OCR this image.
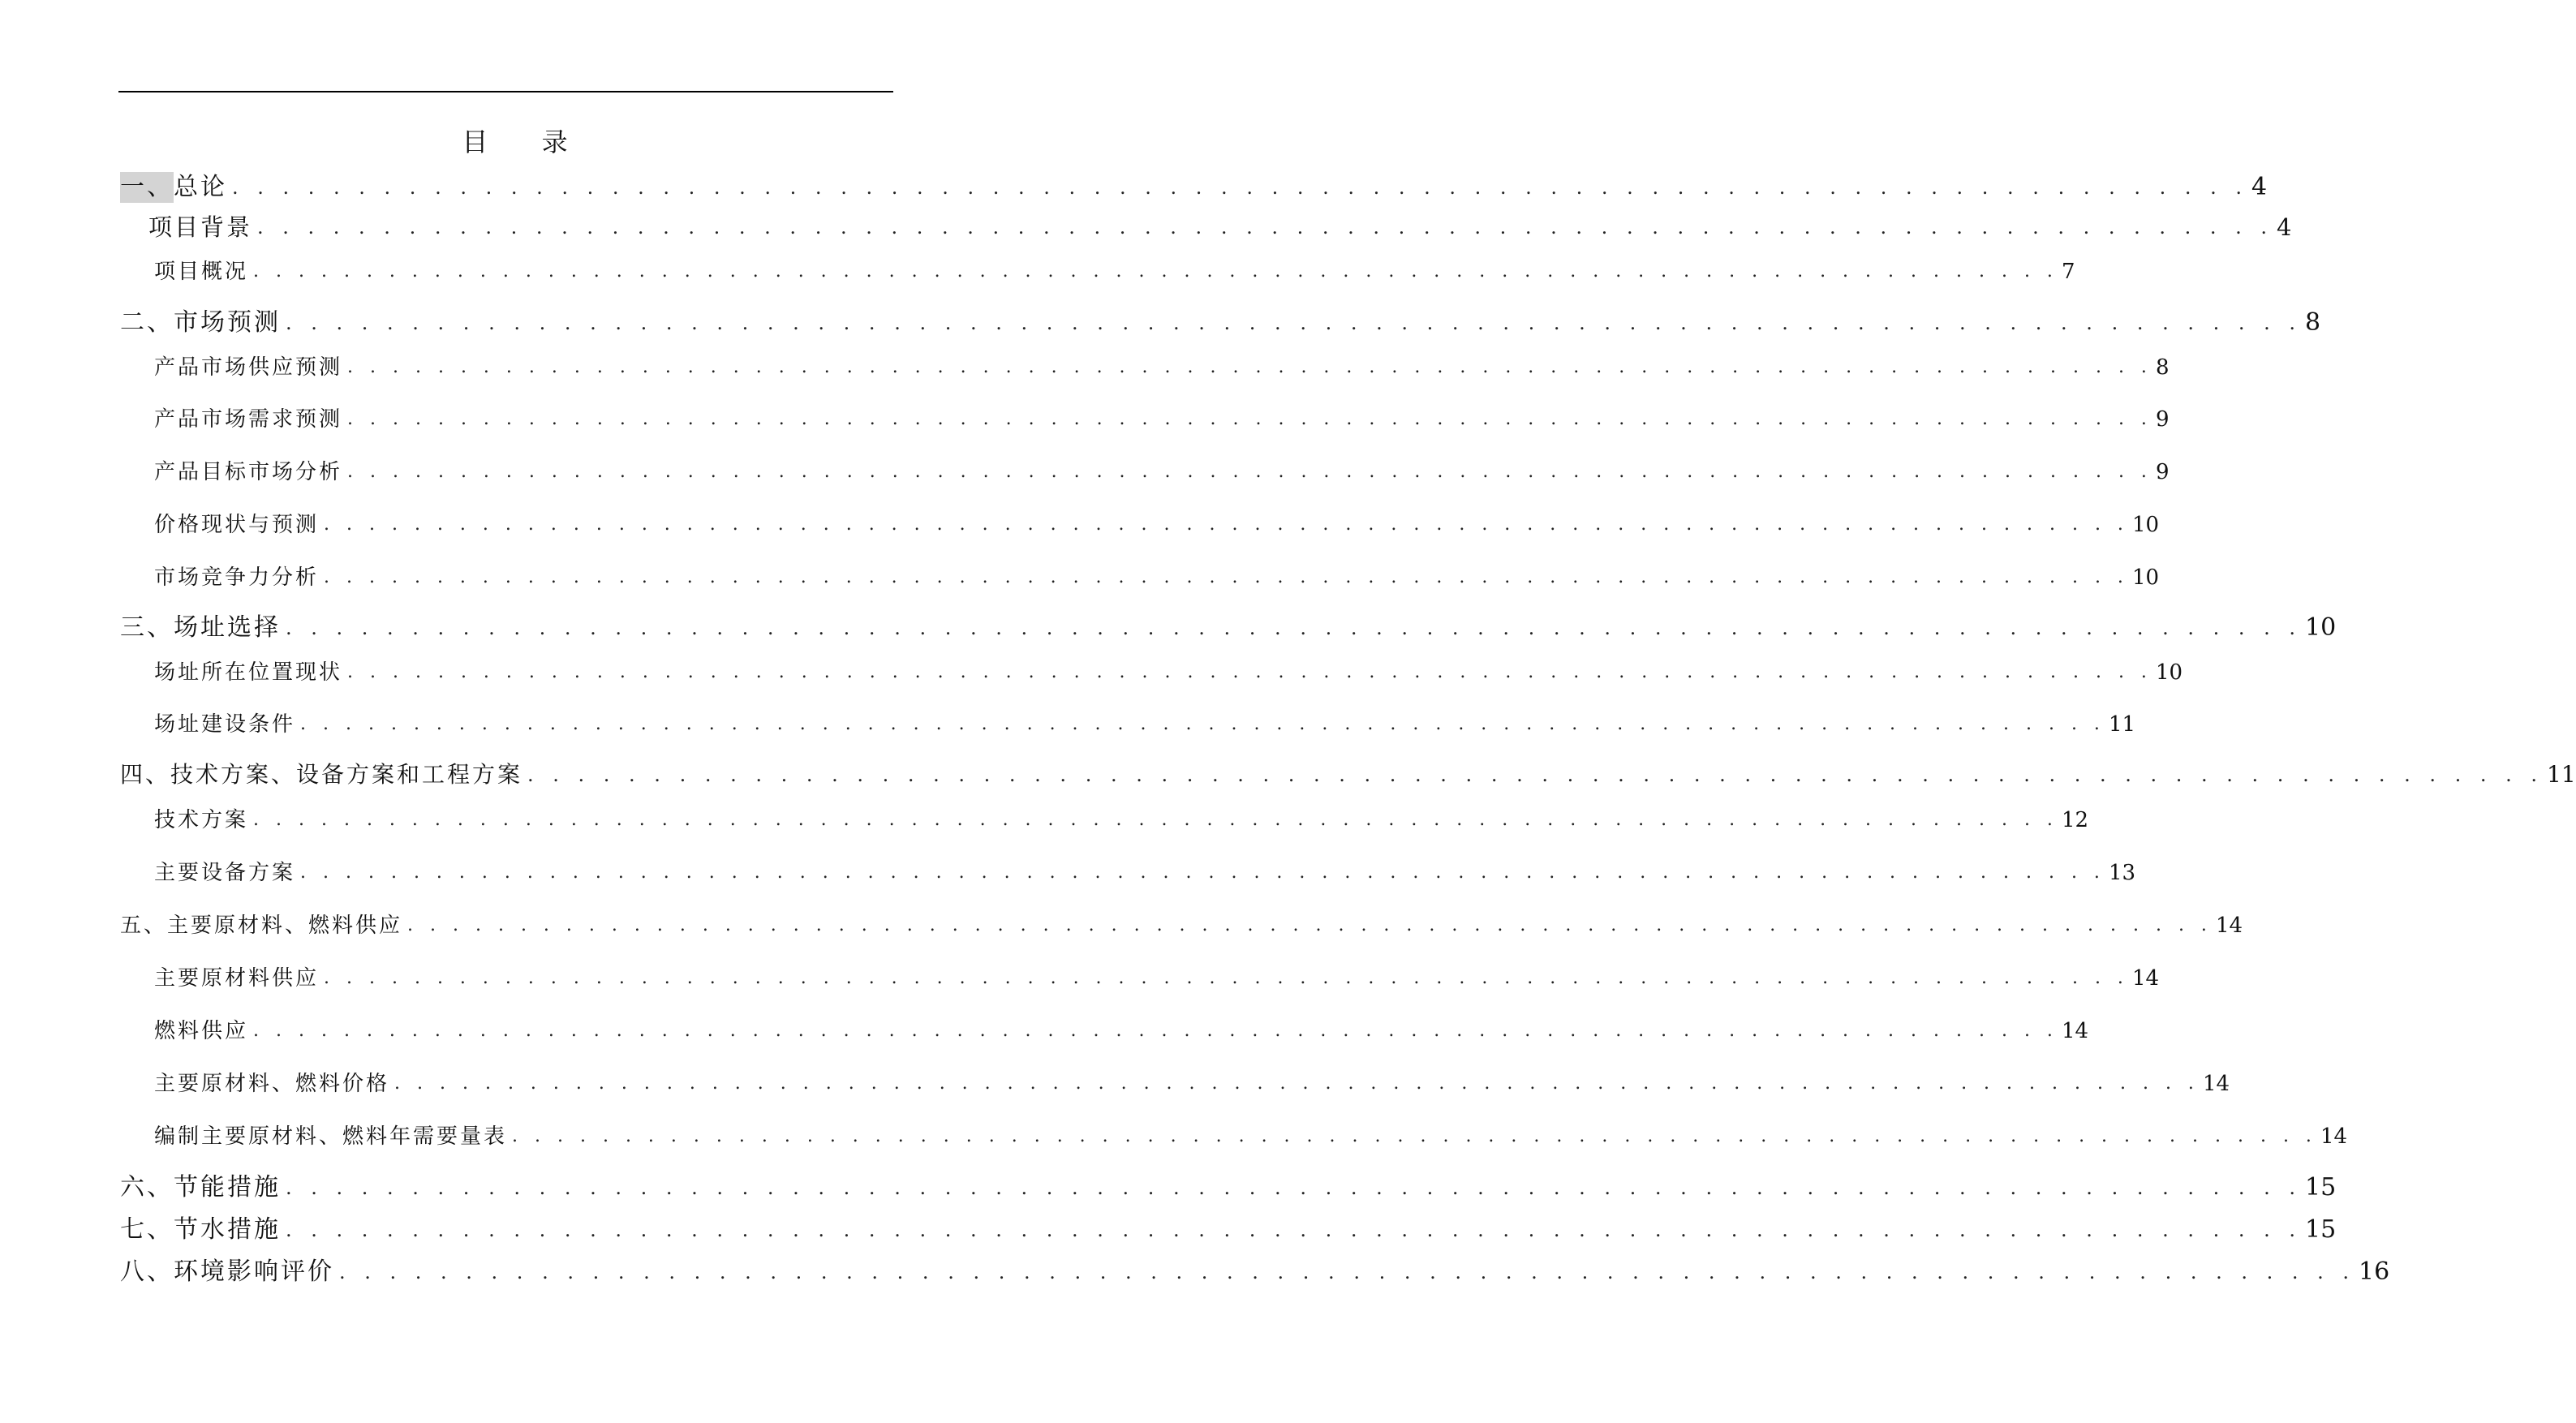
目 录
一、总论 . . . . . . . . . . . . . . . . . . . . . . . . . . . . . . . . . . . . . . . . . . . . . . . . . . . . . . . . . . . . . . . . . . . . . . . . . . . . . . . . 4
项目背景 . . . . . . . . . . . . . . . . . . . . . . . . . . . . . . . . . . . . . . . . . . . . . . . . . . . . . . . . . . . . . . . . . . . . . . . . . . . . . . . . 4
项目概况 . . . . . . . . . . . . . . . . . . . . . . . . . . . . . . . . . . . . . . . . . . . . . . . . . . . . . . . . . . . . . . . . . . . . . . . . . . . . . . . . 7
二、市场预测 . . . . . . . . . . . . . . . . . . . . . . . . . . . . . . . . . . . . . . . . . . . . . . . . . . . . . . . . . . . . . . . . . . . . . . . . . . . . . . . . 8
产品市场供应预测 . . . . . . . . . . . . . . . . . . . . . . . . . . . . . . . . . . . . . . . . . . . . . . . . . . . . . . . . . . . . . . . . . . . . . . . . . . . . . . . . 8
产品市场需求预测 . . . . . . . . . . . . . . . . . . . . . . . . . . . . . . . . . . . . . . . . . . . . . . . . . . . . . . . . . . . . . . . . . . . . . . . . . . . . . . . . 9
产品目标市场分析 . . . . . . . . . . . . . . . . . . . . . . . . . . . . . . . . . . . . . . . . . . . . . . . . . . . . . . . . . . . . . . . . . . . . . . . . . . . . . . . . 9
价格现状与预测 . . . . . . . . . . . . . . . . . . . . . . . . . . . . . . . . . . . . . . . . . . . . . . . . . . . . . . . . . . . . . . . . . . . . . . . . . . . . . . . . 10
市场竞争力分析 . . . . . . . . . . . . . . . . . . . . . . . . . . . . . . . . . . . . . . . . . . . . . . . . . . . . . . . . . . . . . . . . . . . . . . . . . . . . . . . . 10
三、场址选择 . . . . . . . . . . . . . . . . . . . . . . . . . . . . . . . . . . . . . . . . . . . . . . . . . . . . . . . . . . . . . . . . . . . . . . . . . . . . . . . . 10
场址所在位置现状 . . . . . . . . . . . . . . . . . . . . . . . . . . . . . . . . . . . . . . . . . . . . . . . . . . . . . . . . . . . . . . . . . . . . . . . . . . . . . . . . 10
场址建设条件 . . . . . . . . . . . . . . . . . . . . . . . . . . . . . . . . . . . . . . . . . . . . . . . . . . . . . . . . . . . . . . . . . . . . . . . . . . . . . . . . 11
四、技术方案、设备方案和工程方案 . . . . . . . . . . . . . . . . . . . . . . . . . . . . . . . . . . . . . . . . . . . . . . . . . . . . . . . . . . . . . . . . . . . . . . . . . . . . . . . . 11
技术方案 . . . . . . . . . . . . . . . . . . . . . . . . . . . . . . . . . . . . . . . . . . . . . . . . . . . . . . . . . . . . . . . . . . . . . . . . . . . . . . . . 12
主要设备方案 . . . . . . . . . . . . . . . . . . . . . . . . . . . . . . . . . . . . . . . . . . . . . . . . . . . . . . . . . . . . . . . . . . . . . . . . . . . . . . . . 13
五、主要原材料、燃料供应 . . . . . . . . . . . . . . . . . . . . . . . . . . . . . . . . . . . . . . . . . . . . . . . . . . . . . . . . . . . . . . . . . . . . . . . . . . . . . . . . 14
主要原材料供应 . . . . . . . . . . . . . . . . . . . . . . . . . . . . . . . . . . . . . . . . . . . . . . . . . . . . . . . . . . . . . . . . . . . . . . . . . . . . . . . . 14
燃料供应 . . . . . . . . . . . . . . . . . . . . . . . . . . . . . . . . . . . . . . . . . . . . . . . . . . . . . . . . . . . . . . . . . . . . . . . . . . . . . . . . 14
主要原材料、燃料价格 . . . . . . . . . . . . . . . . . . . . . . . . . . . . . . . . . . . . . . . . . . . . . . . . . . . . . . . . . . . . . . . . . . . . . . . . . . . . . . . . 14
编制主要原材料、燃料年需要量表 . . . . . . . . . . . . . . . . . . . . . . . . . . . . . . . . . . . . . . . . . . . . . . . . . . . . . . . . . . . . . . . . . . . . . . . . . . . . . . . . 14
六、节能措施 . . . . . . . . . . . . . . . . . . . . . . . . . . . . . . . . . . . . . . . . . . . . . . . . . . . . . . . . . . . . . . . . . . . . . . . . . . . . . . . . 15
七、节水措施 . . . . . . . . . . . . . . . . . . . . . . . . . . . . . . . . . . . . . . . . . . . . . . . . . . . . . . . . . . . . . . . . . . . . . . . . . . . . . . . . 15
八、环境影响评价 . . . . . . . . . . . . . . . . . . . . . . . . . . . . . . . . . . . . . . . . . . . . . . . . . . . . . . . . . . . . . . . . . . . . . . . . . . . . . . . . 16
